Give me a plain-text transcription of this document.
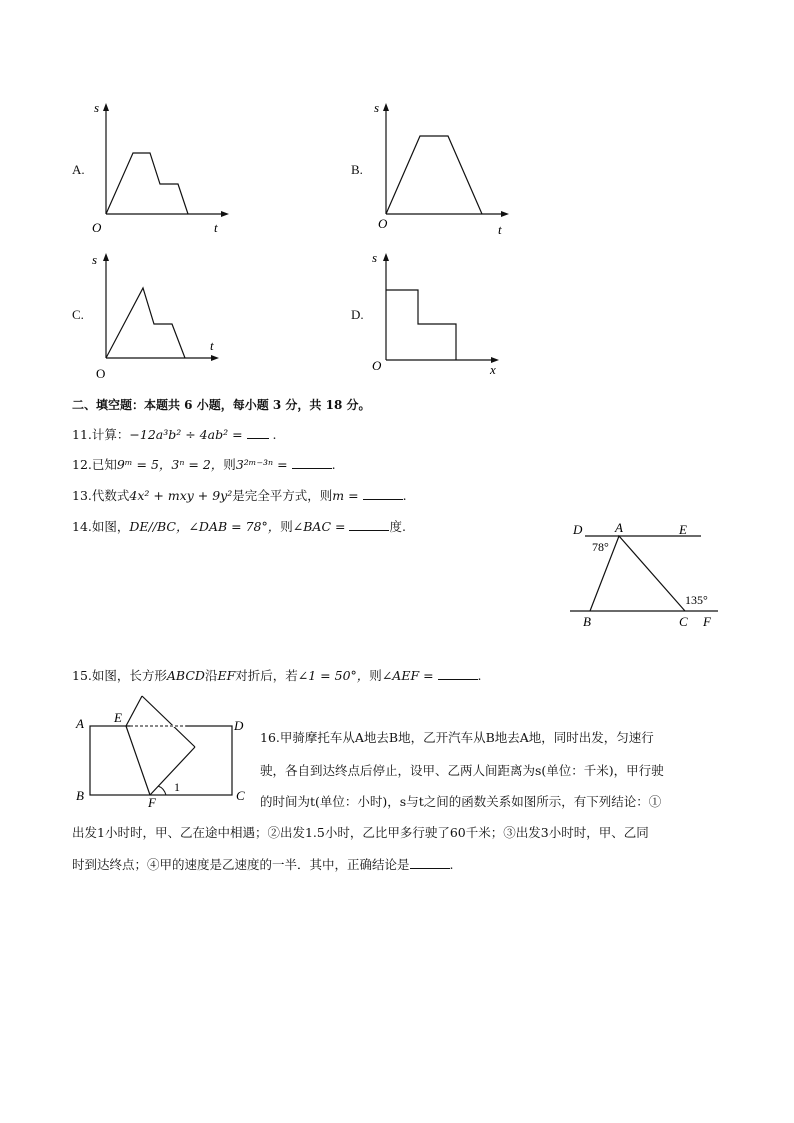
A.
s
O	t
B.
s
O	t
C.
s
O
t
D.
s
O	x
二、填空题：本题共 6 小题，每小题 3 分，共 18 分。
11.计算：−12a³b² ÷ 4ab² = .
12.已知9ᵐ = 5，3ⁿ = 2，则3²ᵐ⁻³ⁿ =	.
13.代数式4x² + mxy + 9y²是完全平方式，则m =	.
14.如图，DE//BC，∠DAB = 78°，则∠BAC =	度.	D	A	E
78°
135°
B	C F
15.如图，长方形ABCD沿EF对折后，若∠1 = 50°，则∠AEF =	.
A E
D
B	F	C
1
16.甲骑摩托车从A地去B地，乙开汽车从B地去A地，同时出发，匀速行
驶，各自到达终点后停止，设甲、乙两人间距离为s(单位：千米)，甲行驶
的时间为t(单位：小时)，s与t之间的函数关系如图所示，有下列结论：①
出发1小时时，甲、乙在途中相遇；②出发1.5小时，乙比甲多行驶了60千米；③出发3小时时，甲、乙同
时到达终点；④甲的速度是乙速度的一半．其中，正确结论是	.
